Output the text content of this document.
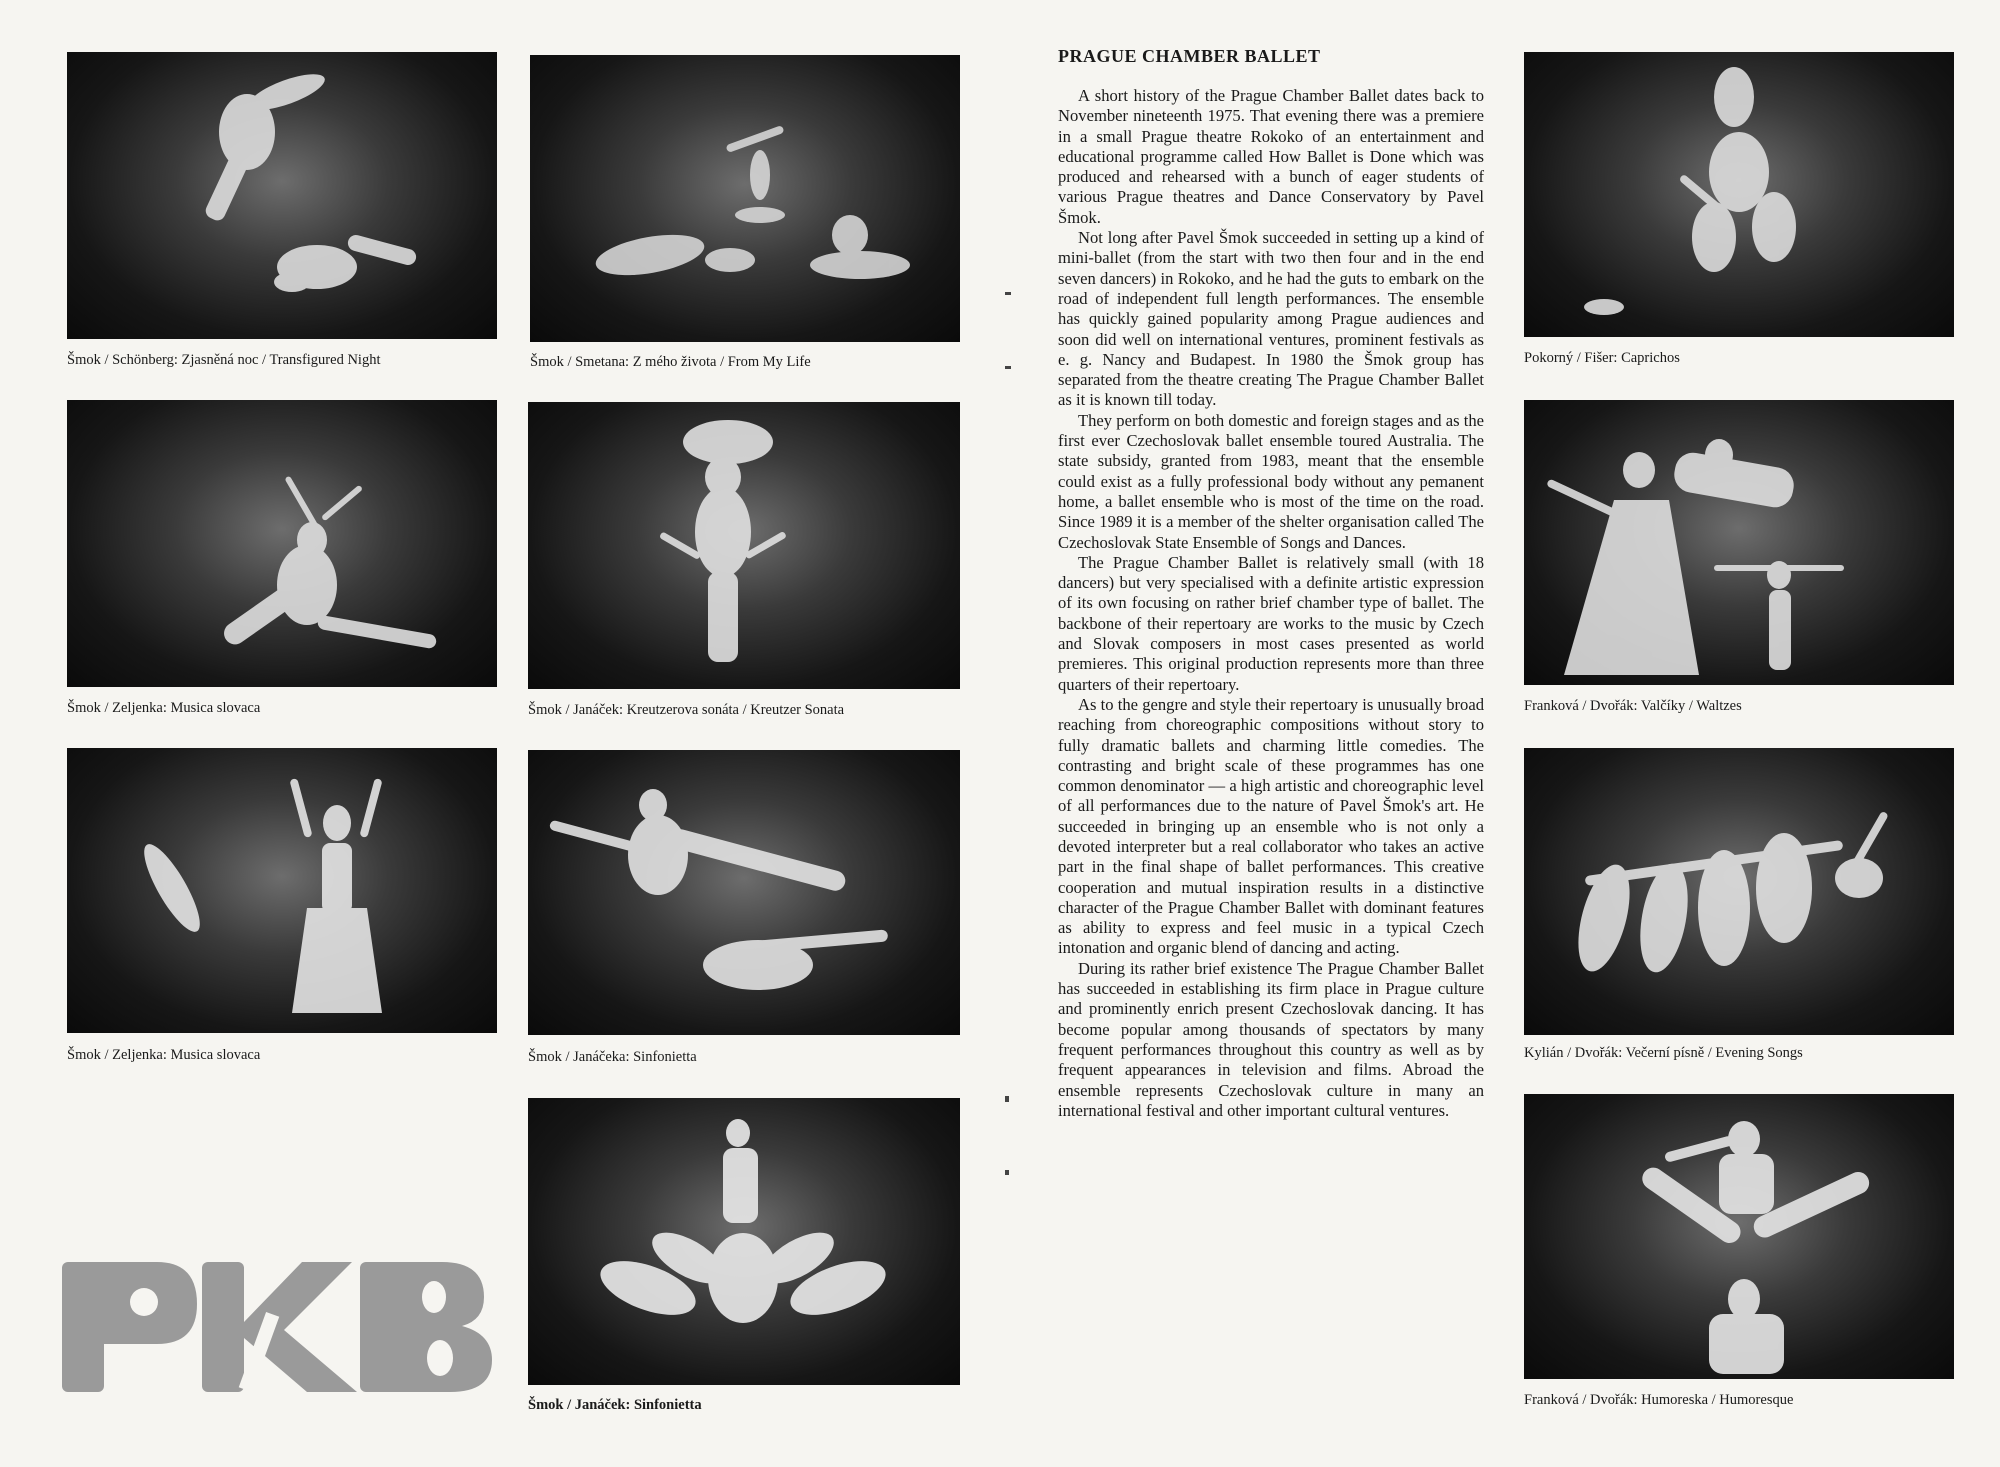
Šmok / Schönberg: Zjasněná noc / Transfigured Night	Šmok / Smetana: Z mého života / From My Life
Šmok / Zeljenka: Musica slovaca	Šmok / Janáček: Kreutzerova sonáta / Kreutzer Sonata
Šmok / Zeljenka: Musica slovaca	Šmok / Janáčeka: Sinfonietta
Šmok / Janáček: Sinfonietta
PRAGUE CHAMBER BALLET

A short history of the Prague Chamber Ballet dates back to November nineteenth 1975. That evening there was a premiere in a small Prague theatre Rokoko of an entertainment and educational programme called How Ballet is Done which was produced and rehearsed with a bunch of eager students of various Prague theatres and Dance Conservatory by Pavel Šmok.

Not long after Pavel Šmok succeeded in setting up a kind of mini-ballet (from the start with two then four and in the end seven dancers) in Rokoko, and he had the guts to embark on the road of independent full length performances. The ensemble has quickly gained popularity among Prague audiences and soon did well on international ventures, prominent festivals as e. g. Nancy and Budapest. In 1980 the Šmok group has separated from the theatre creating The Prague Chamber Ballet as it is known till today.

They perform on both domestic and foreign stages and as the first ever Czechoslovak ballet ensemble toured Australia. The state subsidy, granted from 1983, meant that the ensemble could exist as a fully professional body without any pemanent home, a ballet ensemble who is most of the time on the road. Since 1989 it is a member of the shelter organisation called The Czechoslovak State Ensemble of Songs and Dances.

The Prague Chamber Ballet is relatively small (with 18 dancers) but very specialised with a definite artistic expression of its own focusing on rather brief chamber type of ballet. The backbone of their repertoary are works to the music by Czech and Slovak composers in most cases presented as world premieres. This original production represents more than three quarters of their repertoary.

As to the gengre and style their repertoary is unusually broad reaching from choreographic compositions without story to fully dramatic ballets and charming little comedies. The contrasting and bright scale of these programmes has one common denominator — a high artistic and choreographic level of all performances due to the nature of Pavel Šmok's art. He succeeded in bringing up an ensemble who is not only a devoted interpreter but a real collaborator who takes an active part in the final shape of ballet performances. This creative cooperation and mutual inspiration results in a distinctive character of the Prague Chamber Ballet with dominant features as ability to express and feel music in a typical Czech intonation and organic blend of dancing and acting.

During its rather brief existence The Prague Chamber Ballet has succeeded in establishing its firm place in Prague culture and prominently enrich present Czechoslovak dancing. It has become popular among thousands of spectators by many frequent performances throughout this country as well as by frequent appearances in television and films. Abroad the ensemble represents Czechoslovak culture in many an international festival and other important cultural ventures.

Pokorný / Fišer: Caprichos
Franková / Dvořák: Valčíky / Waltzes
Kylián / Dvořák: Večerní písně / Evening Songs
Franková / Dvořák: Humoreska / Humoresque
